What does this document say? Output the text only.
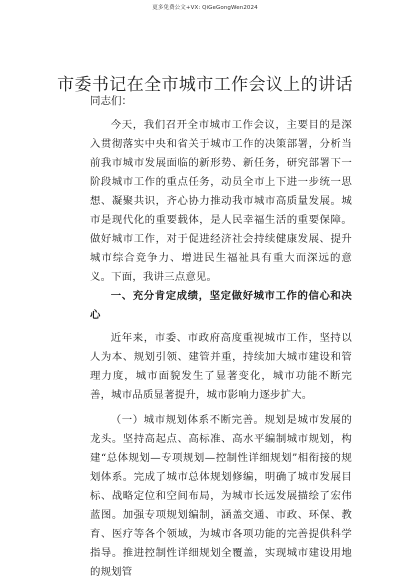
更多免费公文+VX: QiGeGongWen2024
市委书记在全市城市工作会议上的讲话
同志们：

今天，我们召开全市城市工作会议，主要目的是深入贯彻落实中央和省关于城市工作的决策部署，分析当前我市城市发展面临的新形势、新任务，研究部署下一阶段城市工作的重点任务，动员全市上下进一步统一思想、凝聚共识，齐心协力推动我市城市高质量发展。城市是现代化的重要载体，是人民幸福生活的重要保障。做好城市工作，对于促进经济社会持续健康发展、提升城市综合竞争力、增进民生福祉具有重大而深远的意义。下面，我讲三点意见。

一、充分肯定成绩，坚定做好城市工作的信心和决心

近年来，市委、市政府高度重视城市工作，坚持以人为本、规划引领、建管并重，持续加大城市建设和管理力度，城市面貌发生了显著变化，城市功能不断完善，城市品质显著提升，城市影响力逐步扩大。

（一）城市规划体系不断完善。规划是城市发展的龙头。坚持高起点、高标准、高水平编制城市规划，构建“总体规划—专项规划—控制性详细规划”相衔接的规划体系。完成了城市总体规划修编，明确了城市发展目标、战略定位和空间布局，为城市长远发展描绘了宏伟蓝图。加强专项规划编制，涵盖交通、市政、环保、教育、医疗等各个领域，为城市各项功能的完善提供科学指导。推进控制性详细规划全覆盖，实现城市建设用地的规划管
